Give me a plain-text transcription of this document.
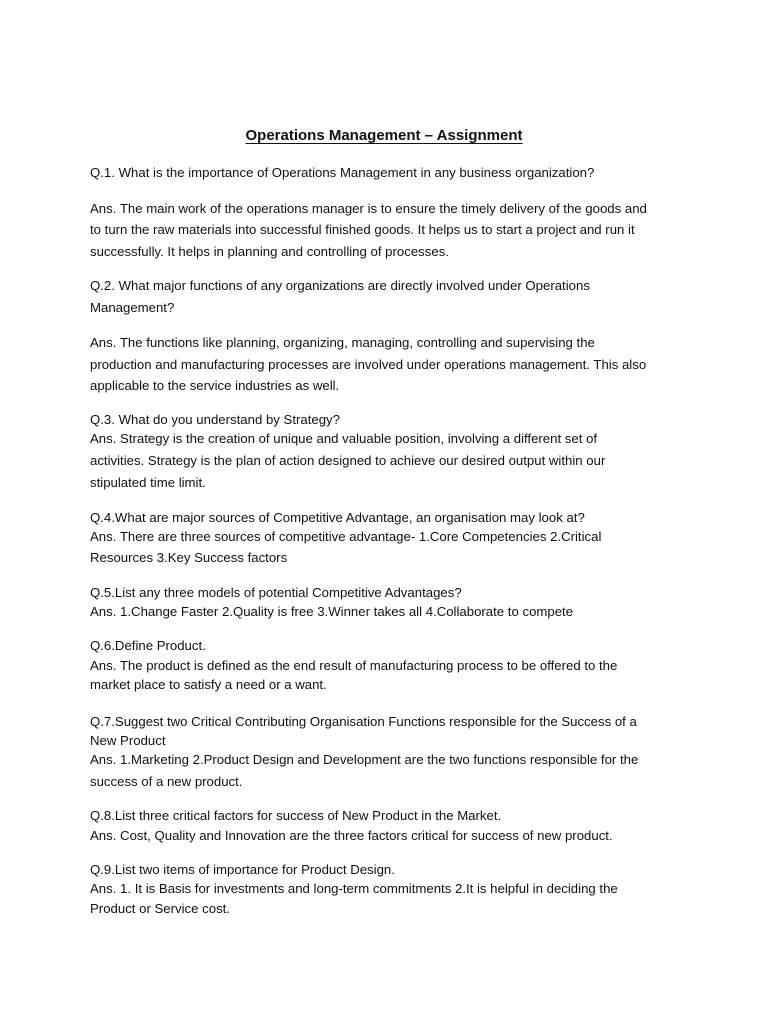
Operations Management – Assignment
Q.1. What is the importance of Operations Management in any business organization?
Ans. The main work of the operations manager is to ensure the timely delivery of the goods and
to turn the raw materials into successful finished goods. It helps us to start a project and run it
successfully. It helps in planning and controlling of processes.
Q.2. What major functions of any organizations are directly involved under Operations
Management?
Ans. The functions like planning, organizing, managing, controlling and supervising the
production and manufacturing processes are involved under operations management. This also
applicable to the service industries as well.
Q.3. What do you understand by Strategy?
Ans. Strategy is the creation of unique and valuable position, involving a different set of
activities. Strategy is the plan of action designed to achieve our desired output within our
stipulated time limit.
Q.4.What are major sources of Competitive Advantage, an organisation may look at?
Ans. There are three sources of competitive advantage- 1.Core Competencies 2.Critical
Resources 3.Key Success factors
Q.5.List any three models of potential Competitive Advantages?
Ans. 1.Change Faster 2.Quality is free 3.Winner takes all 4.Collaborate to compete
Q.6.Define Product.
Ans. The product is defined as the end result of manufacturing process to be offered to the
market place to satisfy a need or a want.
Q.7.Suggest two Critical Contributing Organisation Functions responsible for the Success of a
New Product
Ans. 1.Marketing 2.Product Design and Development are the two functions responsible for the
success of a new product.
Q.8.List three critical factors for success of New Product in the Market.
Ans. Cost, Quality and Innovation are the three factors critical for success of new product.
Q.9.List two items of importance for Product Design.
Ans. 1. It is Basis for investments and long-term commitments 2.It is helpful in deciding the
Product or Service cost.
